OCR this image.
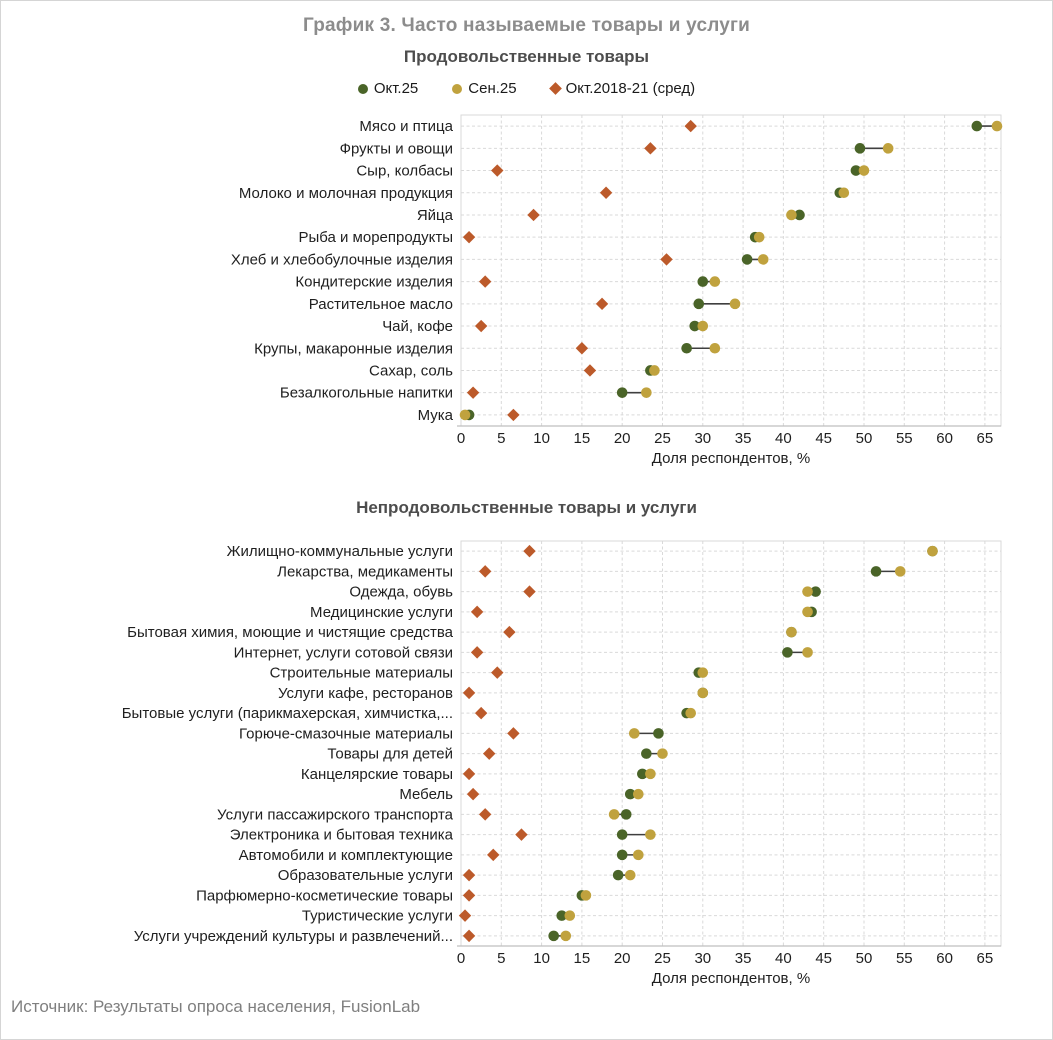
График 3. Часто называемые товары и услуги
Продовольственные товары
Окт.25	Сен.25	Окт.2018-21 (сред)
Мясо и птица
Фрукты и овощи
Сыр, колбасы
Молоко и молочная продукция
Яйца
Рыба и морепродукты
Хлеб и хлебобулочные изделия
Кондитерские изделия
Растительное масло
Чай, кофе
Крупы, макаронные изделия
Сахар, соль
Безалкогольные напитки
Мука
0 5 10 15 20 25 30 35 40 45 50 55 60 65
Доля респондентов, %
Непродовольственные товары и услуги
Жилищно-коммунальные услуги
Лекарства, медикаменты
Одежда, обувь
Медицинские услуги
Бытовая химия, моющие и чистящие средства
Интернет, услуги сотовой связи
Строительные материалы
Услуги кафе, ресторанов
Бытовые услуги (парикмахерская, химчистка,...
Горюче-смазочные материалы
Товары для детей
Канцелярские товары
Мебель
Услуги пассажирского транспорта
Электроника и бытовая техника
Автомобили и комплектующие
Образовательные услуги
Парфюмерно-косметические товары
Туристические услуги
Услуги учреждений культуры и развлечений...
0 5 10 15 20 25 30 35 40 45 50 55 60 65
Доля респондентов, %
Источник: Результаты опроса населения, FusionLab
